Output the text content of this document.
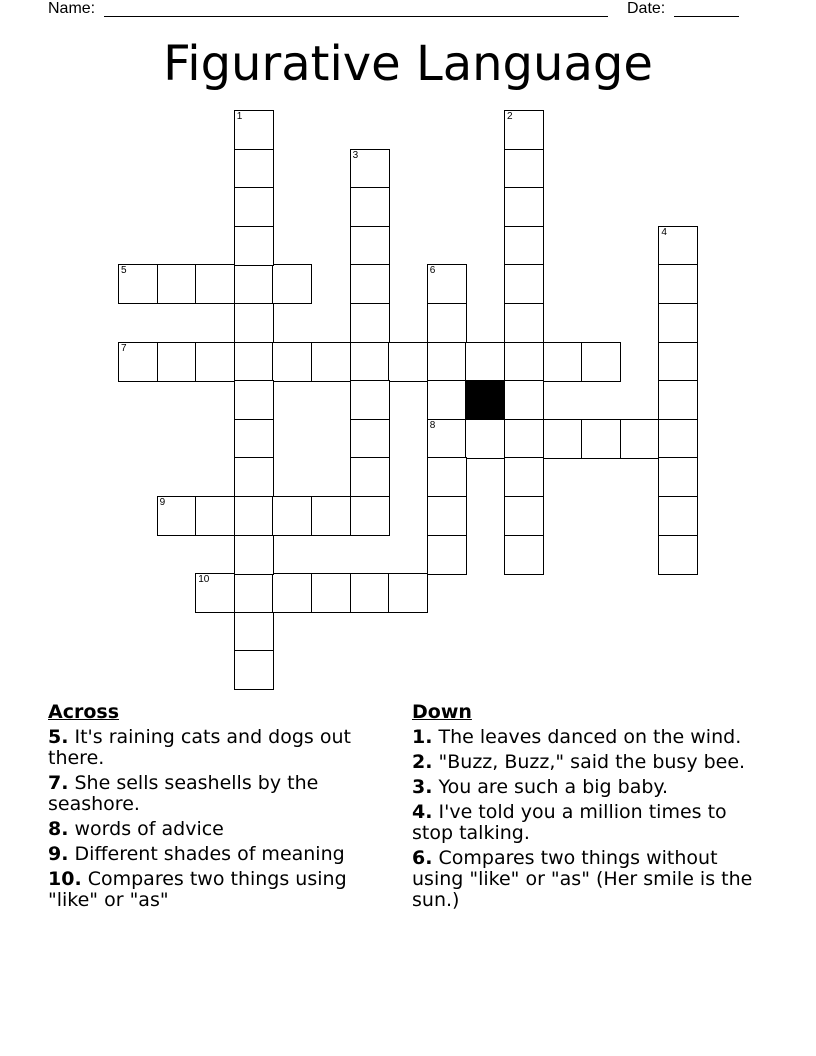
Name:	Date:
Figurative Language
5
7
8
9
10
1	2
3
4
6
Across
5. It's raining cats and dogs out there.
7. She sells seashells by the seashore.
8. words of advice
9. Different shades of meaning
10. Compares two things using "like" or "as"
Down
1. The leaves danced on the wind.
2. "Buzz, Buzz," said the busy bee.
3. You are such a big baby.
4. I've told you a million times to stop talking.
6. Compares two things without using "like" or "as" (Her smile is the sun.)
